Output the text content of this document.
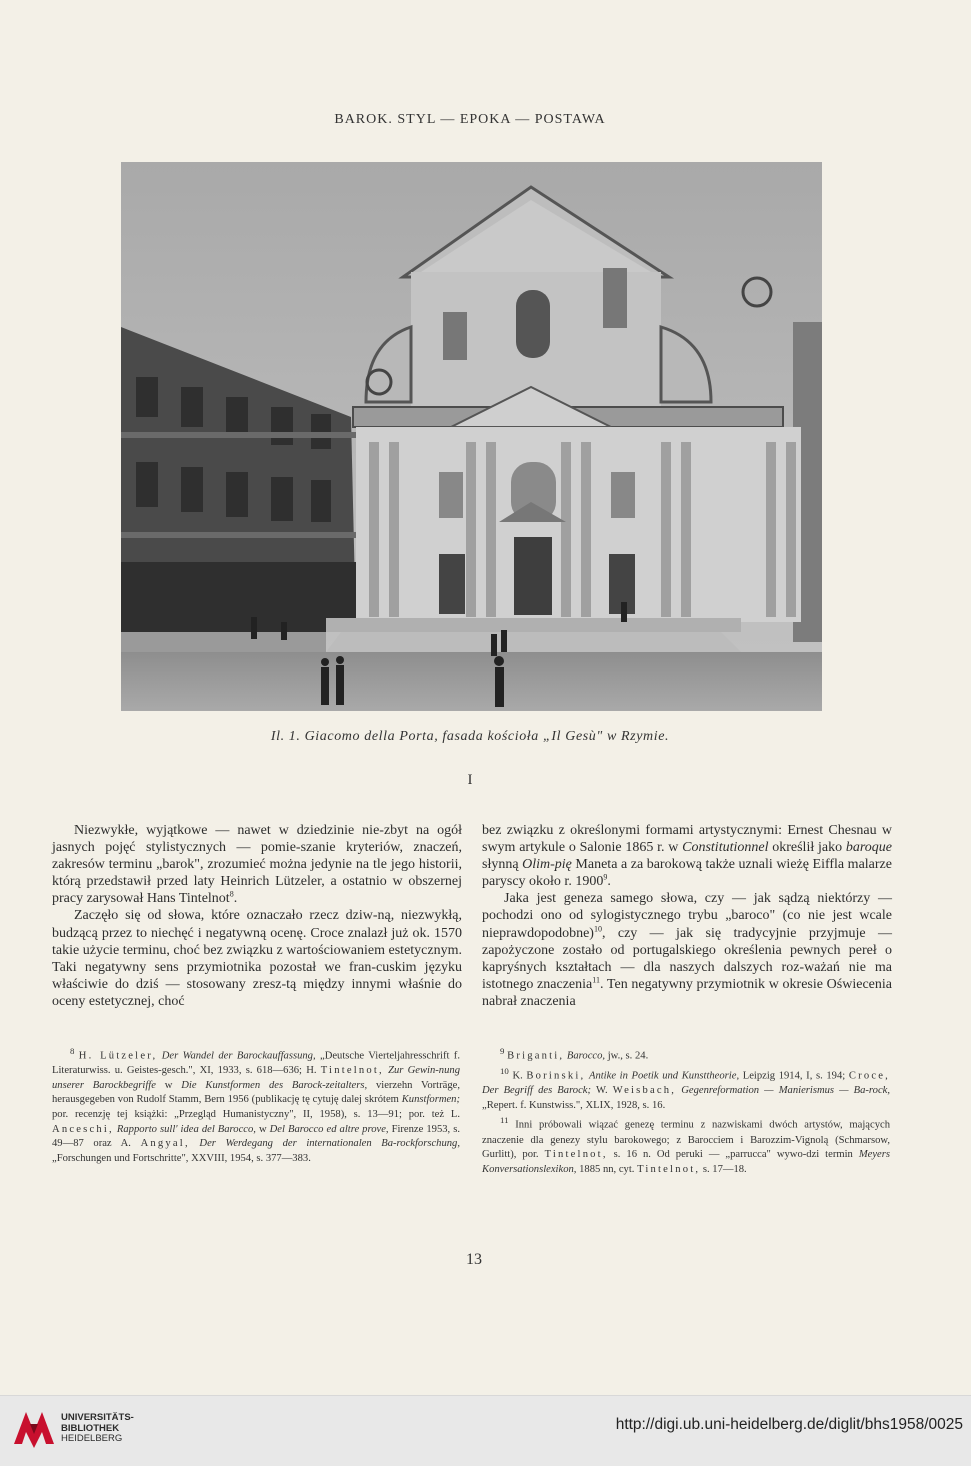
BAROK. STYL — EPOKA — POSTAWA
Il. 1. Giacomo della Porta, fasada kościoła „Il Gesù" w Rzymie.
I

Niezwykłe, wyjątkowe — nawet w dziedzinie nie-zbyt na ogół jasnych pojęć stylistycznych — pomie-szanie kryteriów, znaczeń, zakresów terminu „barok", zrozumieć można jedynie na tle jego historii, którą przedstawił przed laty Heinrich Lützeler, a ostatnio w obszernej pracy zarysował Hans Tintelnot$^8$.

Zaczęło się od słowa, które oznaczało rzecz dziw-ną, niezwykłą, budzącą przez to niechęć i negatywną ocenę. Croce znalazł już ok. 1570 takie użycie terminu, choć bez związku z wartościowaniem estetycznym. Taki negatywny sens przymiotnika pozostał we fran-cuskim języku właściwie do dziś — stosowany zresz-tą między innymi właśnie do oceny estetycznej, choć

bez związku z określonymi formami artystycznymi: Ernest Chesnau w swym artykule o Salonie 1865 r. w Constitutionnel określił jako baroque słynną Olim-pię Maneta a za barokową także uznali wieżę Eiffla malarze paryscy około r. 1900$^9$.

Jaka jest geneza samego słowa, czy — jak sądzą niektórzy — pochodzi ono od sylogistycznego trybu „baroco" (co nie jest wcale nieprawdopodobne)$^{10}$, czy — jak się tradycyjnie przyjmuje — zapożyczone zostało od portugalskiego określenia pewnych pereł o kapryśnych kształtach — dla naszych dalszych roz-ważań nie ma istotnego znaczenia$^{11}$. Ten negatywny przymiotnik w okresie Oświecenia nabrał znaczenia

$^8$ H. Lützeler, Der Wandel der Barockauffassung, „Deutsche Vierteljahresschrift f. Literaturwiss. u. Geistes-gesch.", XI, 1933, s. 618—636; H. Tintelnot, Zur Gewin-nung unserer Barockbegriffe w Die Kunstformen des Barock-zeitalters, vierzehn Vorträge, herausgegeben von Rudolf Stamm, Bern 1956 (publikację tę cytuję dalej skrótem Kunstformen; por. recenzję tej książki: „Przegląd Humanistyczny", II, 1958), s. 13—91; por. też L. Anceschi, Rapporto sull' idea del Barocco, w Del Barocco ed altre prove, Firenze 1953, s. 49—87 oraz A. Angyal, Der Werdegang der internationalen Ba-rockforschung, „Forschungen und Fortschritte", XXVIII, 1954, s. 377—383.

$^9$ Briganti, Barocco, jw., s. 24.

$^{10}$ K. Borinski, Antike in Poetik und Kunsttheorie, Leipzig 1914, I, s. 194; Croce, Der Begriff des Barock; W. Weisbach, Gegenreformation — Manierismus — Ba-rock, „Repert. f. Kunstwiss.", XLIX, 1928, s. 16.

$^{11}$ Inni próbowali wiązać genezę terminu z nazwiskami dwóch artystów, mających znaczenie dla genezy stylu barokowego; z Barocciem i Barozzim-Vignolą (Schmarsow, Gurlitt), por. Tintelnot, s. 16 n. Od peruki — „parrucca" wywo-dzi termin Meyers Konversationslexikon, 1885 nn, cyt. Tintelnot, s. 17—18.

13
UNIVERSITÄTS-
BIBLIOTHEK
HEIDELBERG
http://digi.ub.uni-heidelberg.de/diglit/bhs1958/0025
